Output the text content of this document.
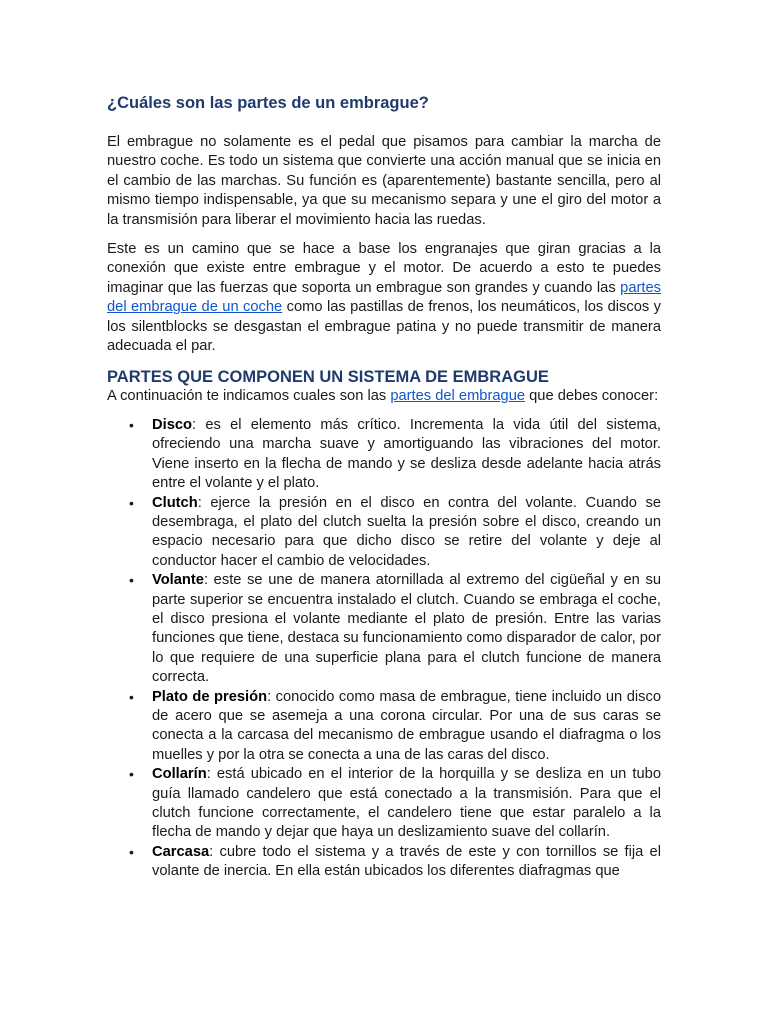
¿Cuáles son las partes de un embrague?

El embrague no solamente es el pedal que pisamos para cambiar la marcha de nuestro coche. Es todo un sistema que convierte una acción manual que se inicia en el cambio de las marchas. Su función es (aparentemente) bastante sencilla, pero al mismo tiempo indispensable, ya que su mecanismo separa y une el giro del motor a la transmisión para liberar el movimiento hacia las ruedas.

Este es un camino que se hace a base los engranajes que giran gracias a la conexión que existe entre embrague y el motor. De acuerdo a esto te puedes imaginar que las fuerzas que soporta un embrague son grandes y cuando las partes del embrague de un coche como las pastillas de frenos, los neumáticos, los discos y los silentblocks se desgastan el embrague patina y no puede transmitir de manera adecuada el par.

PARTES QUE COMPONEN UN SISTEMA DE EMBRAGUE

A continuación te indicamos cuales son las partes del embrague que debes conocer:

• Disco: es el elemento más crítico. Incrementa la vida útil del sistema, ofreciendo una marcha suave y amortiguando las vibraciones del motor. Viene inserto en la flecha de mando y se desliza desde adelante hacia atrás entre el volante y el plato.
• Clutch: ejerce la presión en el disco en contra del volante. Cuando se desembraga, el plato del clutch suelta la presión sobre el disco, creando un espacio necesario para que dicho disco se retire del volante y deje al conductor hacer el cambio de velocidades.
• Volante: este se une de manera atornillada al extremo del cigüeñal y en su parte superior se encuentra instalado el clutch. Cuando se embraga el coche, el disco presiona el volante mediante el plato de presión. Entre las varias funciones que tiene, destaca su funcionamiento como disparador de calor, por lo que requiere de una superficie plana para el clutch funcione de manera correcta.
• Plato de presión: conocido como masa de embrague, tiene incluido un disco de acero que se asemeja a una corona circular. Por una de sus caras se conecta a la carcasa del mecanismo de embrague usando el diafragma o los muelles y por la otra se conecta a una de las caras del disco.
• Collarín: está ubicado en el interior de la horquilla y se desliza en un tubo guía llamado candelero que está conectado a la transmisión. Para que el clutch funcione correctamente, el candelero tiene que estar paralelo a la flecha de mando y dejar que haya un deslizamiento suave del collarín.
• Carcasa: cubre todo el sistema y a través de este y con tornillos se fija el volante de inercia. En ella están ubicados los diferentes diafragmas que
